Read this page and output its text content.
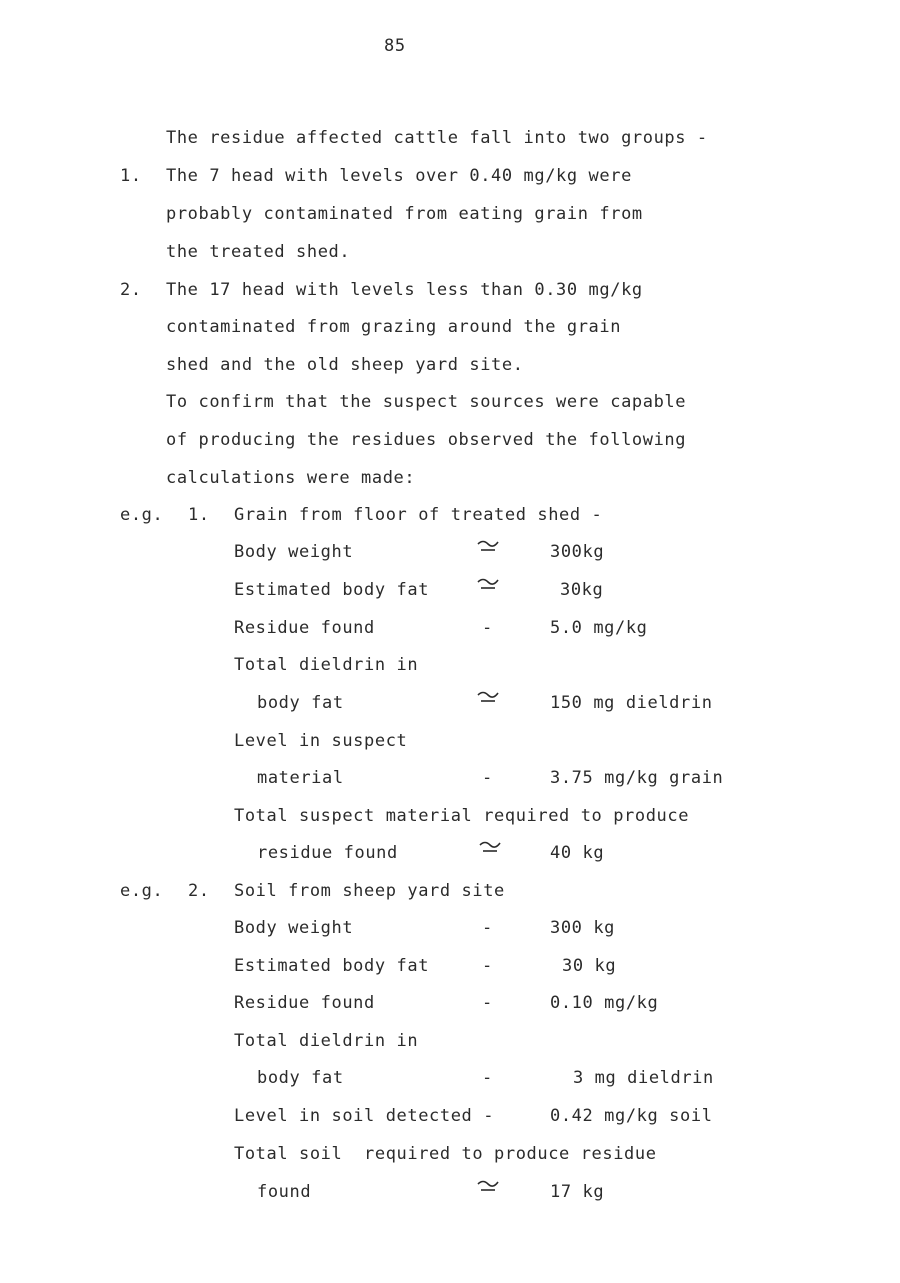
85
The residue affected cattle fall into two groups -
1. The 7 head with levels over 0.40 mg/kg were
probably contaminated from eating grain from
the treated shed.
2. The 17 head with levels less than 0.30 mg/kg
contaminated from grazing around the grain
shed and the old sheep yard site.
To confirm that the suspect sources were capable
of producing the residues observed the following
calculations were made:
e.g. 1. Grain from floor of treated shed -
Body weight	300kg
Estimated body fat	30kg
Residue found	-	5.0 mg/kg
Total dieldrin in
body fat	150 mg dieldrin
Level in suspect
material	-	3.75 mg/kg grain
Total suspect material required to produce
residue found	40 kg
e.g. 2. Soil from sheep yard site
Body weight	-	300 kg
Estimated body fat	-	30 kg
Residue found	-	0.10 mg/kg
Total dieldrin in
body fat	-	3 mg dieldrin
Level in soil detected -	0.42 mg/kg soil
Total soil  required to produce residue
found	17 kg
